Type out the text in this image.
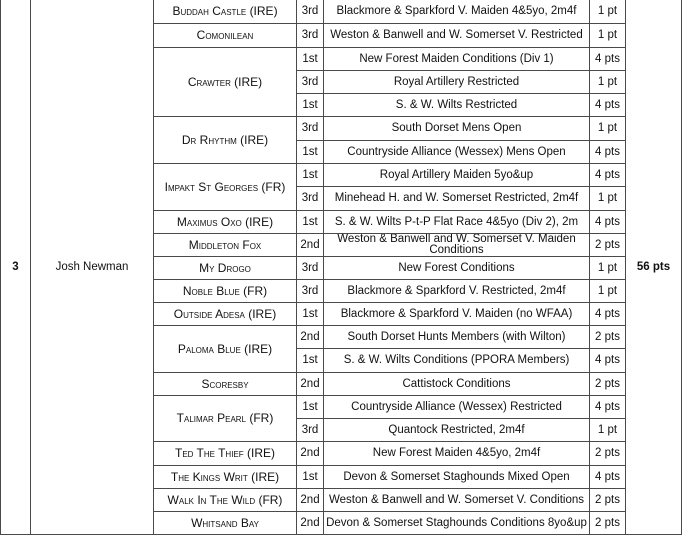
3	Josh Newman	Buddah Castle (IRE)	3rd	Blackmore & Sparkford V. Maiden 4&5yo, 2m4f	1 pt	56 pts
		Comonilean	3rd	Weston & Banwell and W. Somerset V. Restricted	1 pt	
		Crawter (IRE)	1st	New Forest Maiden Conditions (Div 1)	4 pts	
			3rd	Royal Artillery Restricted	1 pt	
			1st	S. & W. Wilts Restricted	4 pts	
		Dr Rhythm (IRE)	3rd	South Dorset Mens Open	1 pt	
			1st	Countryside Alliance (Wessex) Mens Open	4 pts	
		Impakt St Georges (FR)	1st	Royal Artillery Maiden 5yo&up	4 pts	
			3rd	Minehead H. and W. Somerset Restricted, 2m4f	1 pt	
		Maximus Oxo (IRE)	1st	S. & W. Wilts P-t-P Flat Race 4&5yo (Div 2), 2m	4 pts	
		Middleton Fox	2nd	Weston & Banwell and W. Somerset V. Maiden Conditions	2 pts	
		My Drogo	3rd	New Forest Conditions	1 pt	
		Noble Blue (FR)	3rd	Blackmore & Sparkford V. Restricted, 2m4f	1 pt	
		Outside Adesa (IRE)	1st	Blackmore & Sparkford V. Maiden (no WFAA)	4 pts	
		Paloma Blue (IRE)	2nd	South Dorset Hunts Members (with Wilton)	2 pts	
			1st	S. & W. Wilts Conditions (PPORA Members)	4 pts	
		Scoresby	2nd	Cattistock Conditions	2 pts	
		Talimar Pearl (FR)	1st	Countryside Alliance (Wessex) Restricted	4 pts	
			3rd	Quantock Restricted, 2m4f	1 pt	
		Ted The Thief (IRE)	2nd	New Forest Maiden 4&5yo, 2m4f	2 pts	
		The Kings Writ (IRE)	1st	Devon & Somerset Staghounds Mixed Open	4 pts	
		Walk In The Wild (FR)	2nd	Weston & Banwell and W. Somerset V. Conditions	2 pts	
		Whitsand Bay	2nd	Devon & Somerset Staghounds Conditions 8yo&up	2 pts	
